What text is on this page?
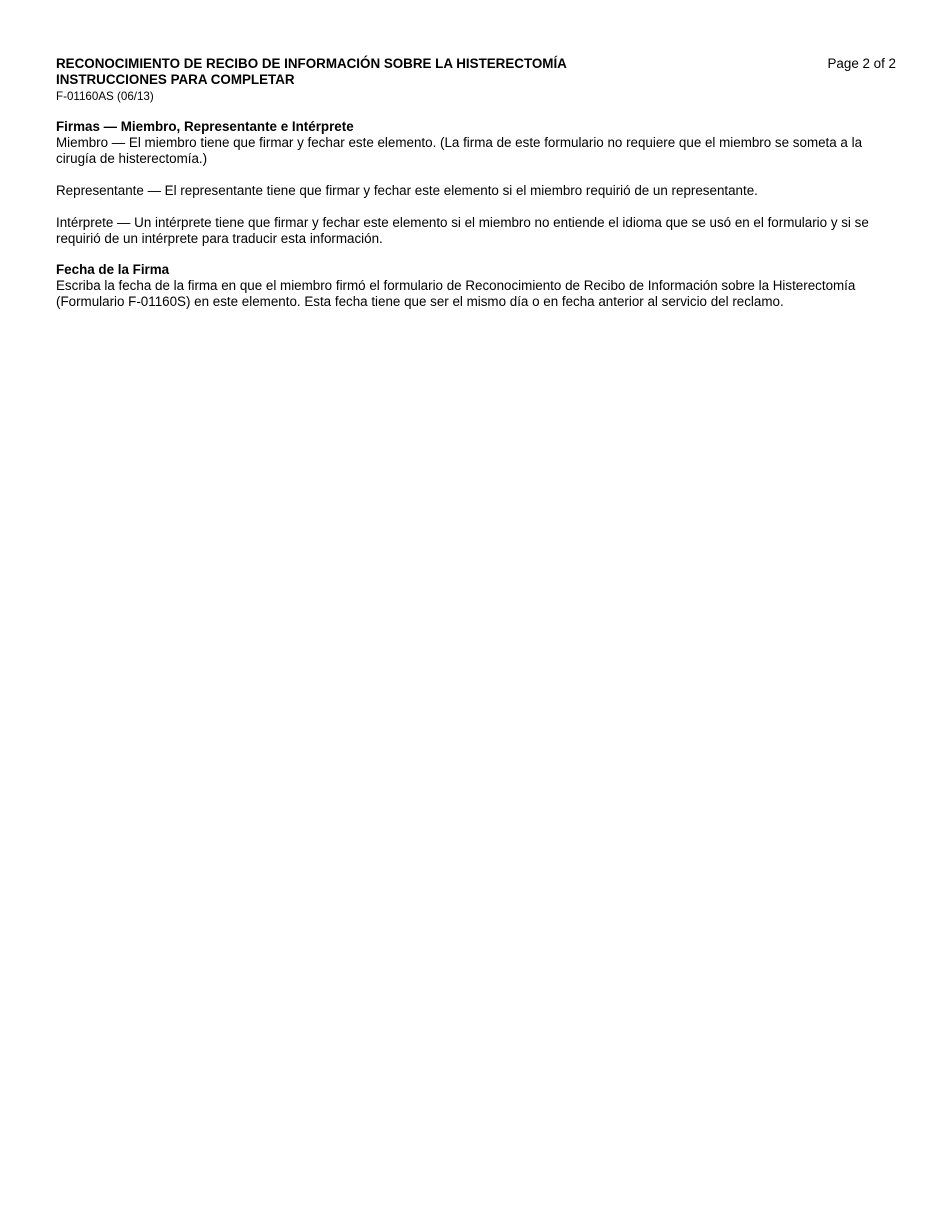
RECONOCIMIENTO DE RECIBO DE INFORMACIÓN SOBRE LA HISTERECTOMÍA
INSTRUCCIONES PARA COMPLETAR
Page 2 of 2
F-01160AS (06/13)
Firmas — Miembro, Representante e Intérprete

Miembro — El miembro tiene que firmar y fechar este elemento. (La firma de este formulario no requiere que el miembro se someta a la cirugía de histerectomía.)

Representante — El representante tiene que firmar y fechar este elemento si el miembro requirió de un representante.

Intérprete — Un intérprete tiene que firmar y fechar este elemento si el miembro no entiende el idioma que se usó en el formulario y si se requirió de un intérprete para traducir esta información.

Fecha de la Firma

Escriba la fecha de la firma en que el miembro firmó el formulario de Reconocimiento de Recibo de Información sobre la Histerectomía (Formulario F-01160S) en este elemento. Esta fecha tiene que ser el mismo día o en fecha anterior al servicio del reclamo.
